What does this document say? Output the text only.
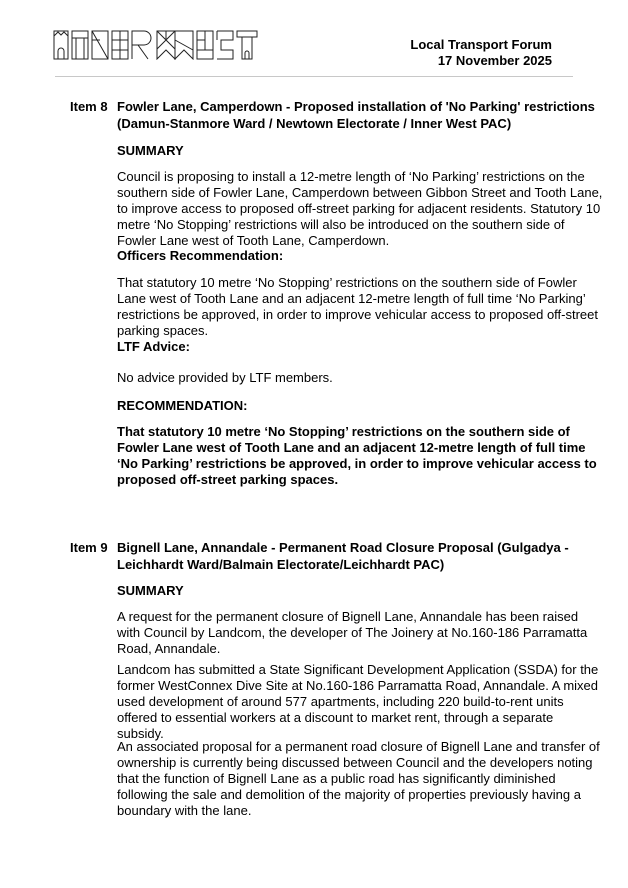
Local Transport Forum
17 November 2025
Item 8 Fowler Lane, Camperdown - Proposed installation of 'No Parking' restrictions
(Damun-Stanmore Ward / Newtown Electorate / Inner West PAC)
SUMMARY
Council is proposing to install a 12-metre length of ‘No Parking’ restrictions on the
southern side of Fowler Lane, Camperdown between Gibbon Street and Tooth Lane,
to improve access to proposed off-street parking for adjacent residents. Statutory 10
metre ‘No Stopping’ restrictions will also be introduced on the southern side of
Fowler Lane west of Tooth Lane, Camperdown.
Officers Recommendation:
That statutory 10 metre ‘No Stopping’ restrictions on the southern side of Fowler
Lane west of Tooth Lane and an adjacent 12-metre length of full time ‘No Parking’
restrictions be approved, in order to improve vehicular access to proposed off-street
parking spaces.
LTF Advice:
No advice provided by LTF members.
RECOMMENDATION:
That statutory 10 metre ‘No Stopping’ restrictions on the southern side of
Fowler Lane west of Tooth Lane and an adjacent 12-metre length of full time
‘No Parking’ restrictions be approved, in order to improve vehicular access to
proposed off-street parking spaces.
Item 9 Bignell Lane, Annandale - Permanent Road Closure Proposal (Gulgadya -
Leichhardt Ward/Balmain Electorate/Leichhardt PAC)
SUMMARY
A request for the permanent closure of Bignell Lane, Annandale has been raised
with Council by Landcom, the developer of The Joinery at No.160-186 Parramatta
Road, Annandale.
Landcom has submitted a State Significant Development Application (SSDA) for the
former WestConnex Dive Site at No.160-186 Parramatta Road, Annandale. A mixed
used development of around 577 apartments, including 220 build-to-rent units
offered to essential workers at a discount to market rent, through a separate
subsidy.
An associated proposal for a permanent road closure of Bignell Lane and transfer of
ownership is currently being discussed between Council and the developers noting
that the function of Bignell Lane as a public road has significantly diminished
following the sale and demolition of the majority of properties previously having a
boundary with the lane.
